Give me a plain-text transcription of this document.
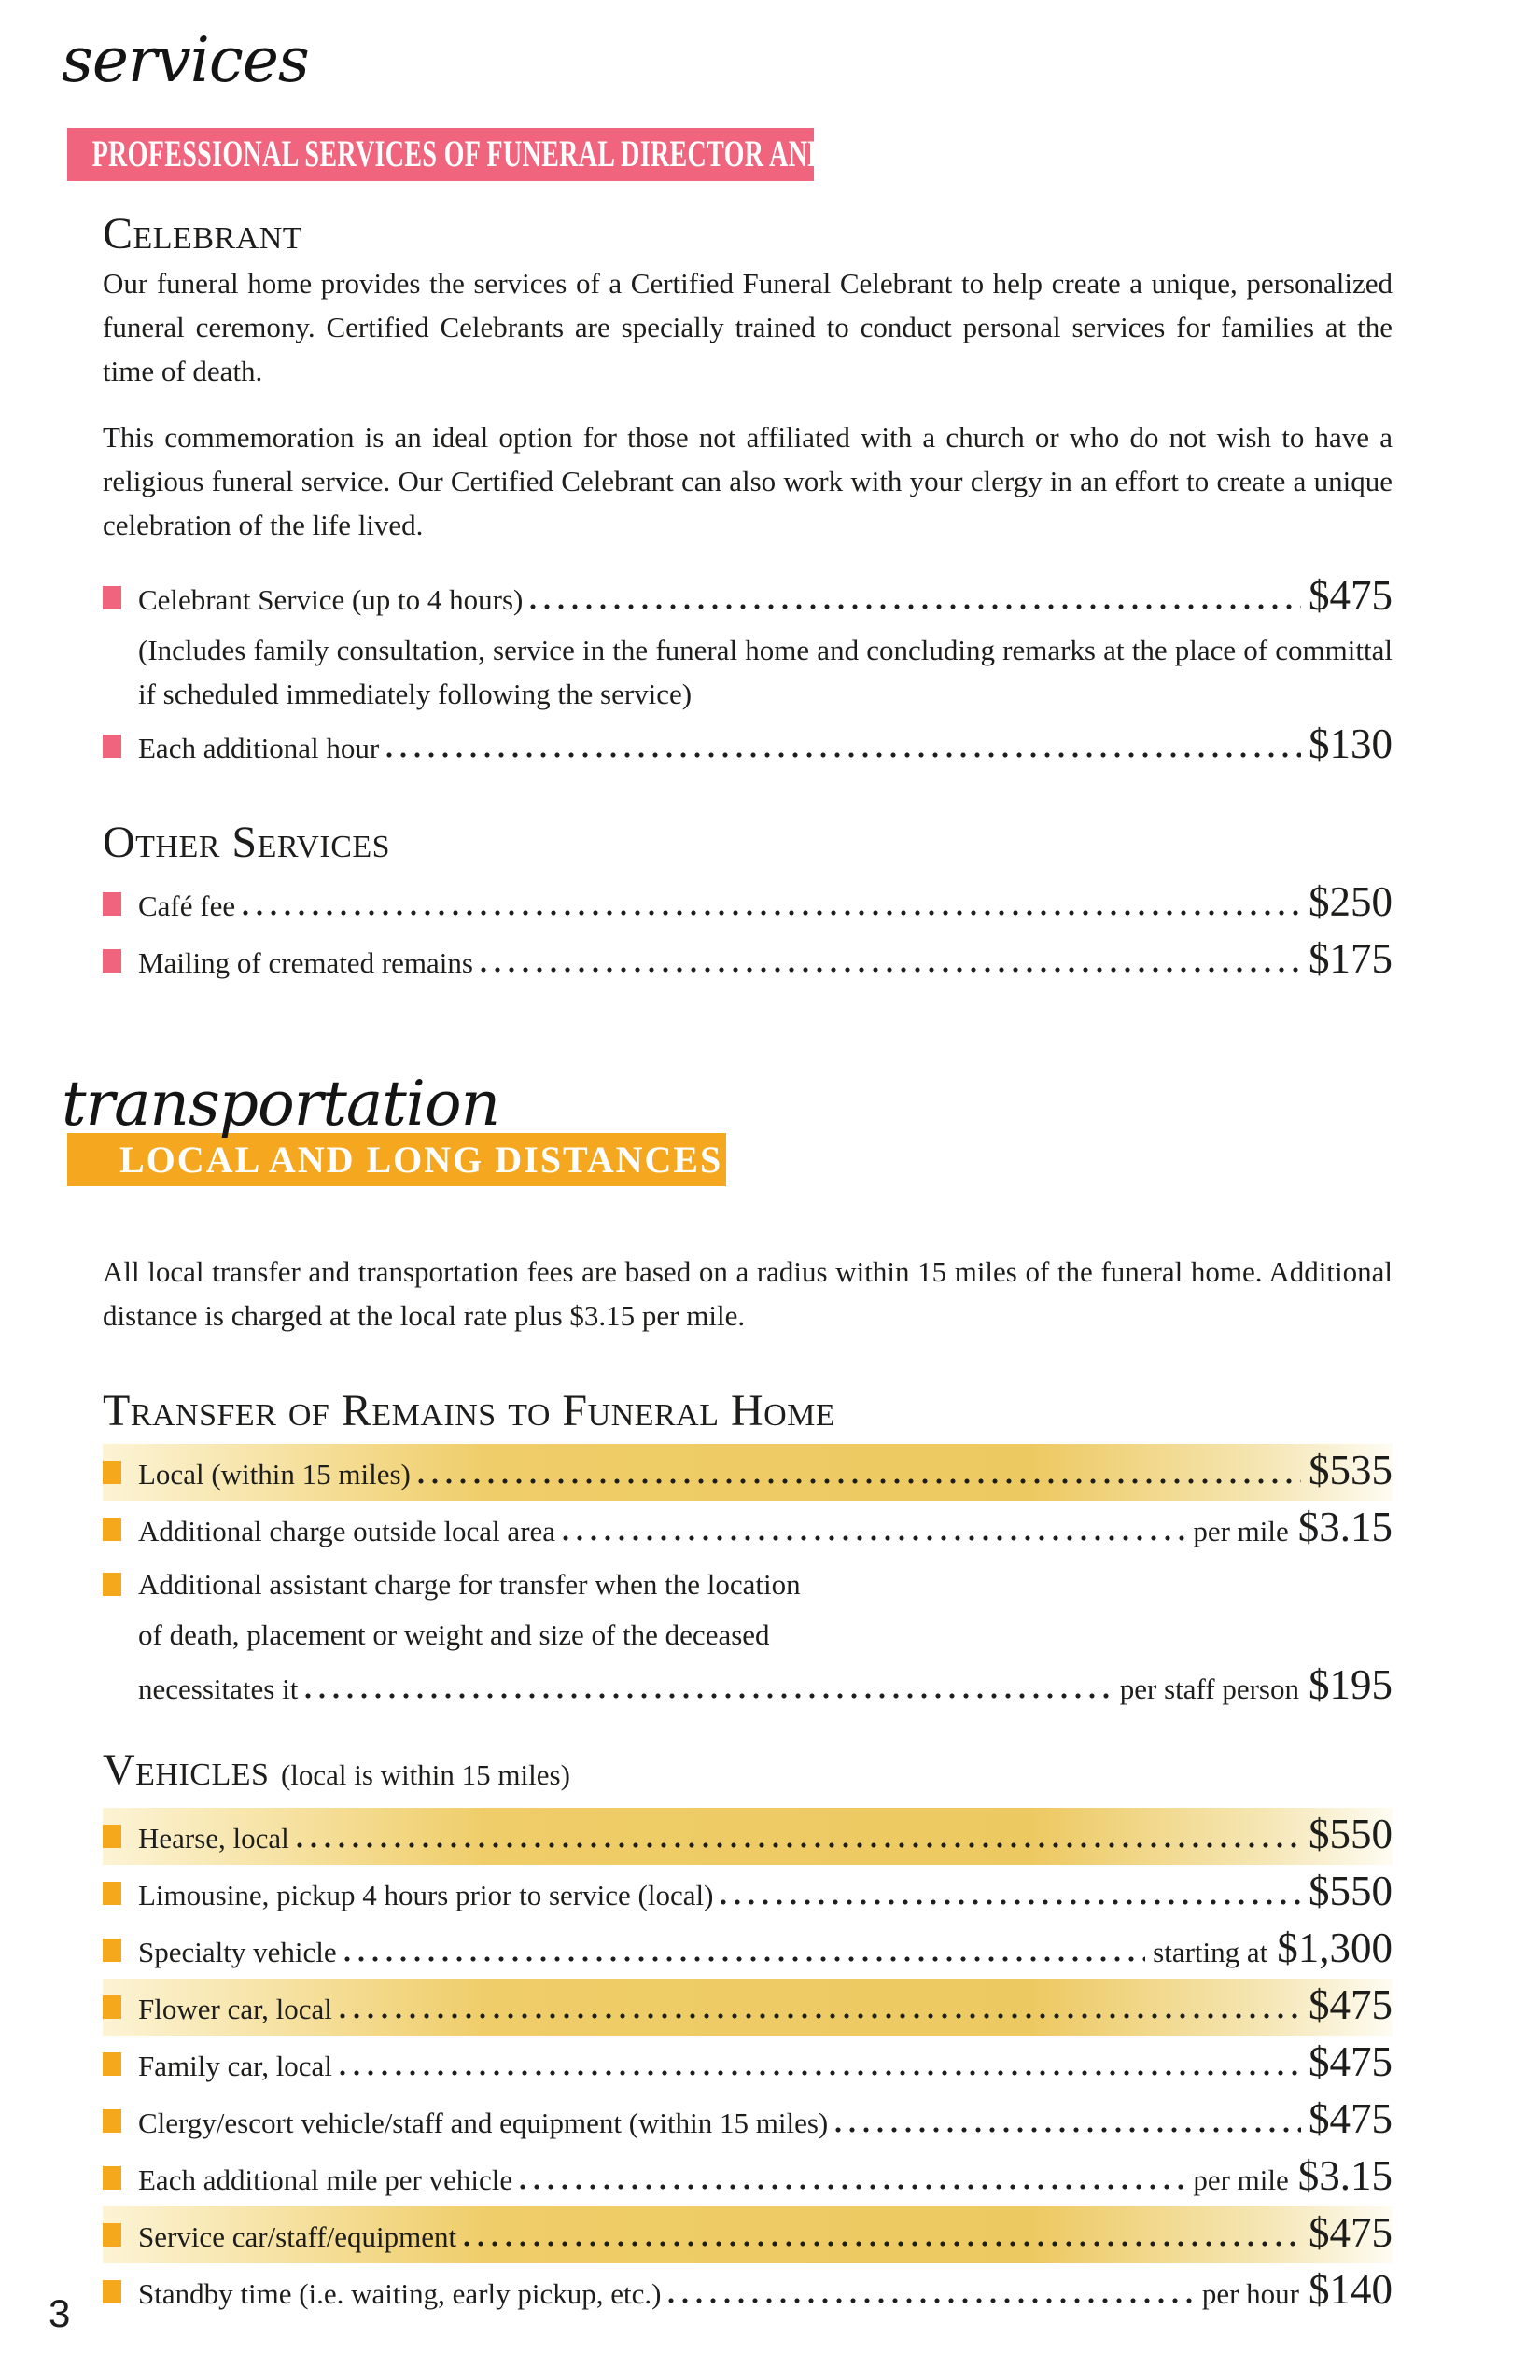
services
PROFESSIONAL SERVICES OF FUNERAL DIRECTOR AND STAFF
Celebrant

Our funeral home provides the services of a Certified Funeral Celebrant to help create a unique, personalized funeral ceremony. Certified Celebrants are specially trained to conduct personal services for families at the time of death.

This commemoration is an ideal option for those not affiliated with a church or who do not wish to have a religious funeral service. Our Certified Celebrant can also work with your clergy in an effort to create a unique celebration of the life lived.

Celebrant Service (up to 4 hours)	$475

(Includes family consultation, service in the funeral home and concluding remarks at the place of committal if scheduled immediately following the service)

Each additional hour	$130
Other Services
Café fee	$250
Mailing of cremated remains	$175
transportation
LOCAL AND LONG DISTANCES

All local transfer and transportation fees are based on a radius within 15 miles of the funeral home. Additional distance is charged at the local rate plus $3.15 per mile.

Transfer of Remains to Funeral Home
Local (within 15 miles)	$535
Additional charge outside local area	per mile $3.15
Additional assistant charge for transfer when the location
of death, placement or weight and size of the deceased
necessitates it	per staff person $195
Vehicles (local is within 15 miles)
Hearse, local	$550
Limousine, pickup 4 hours prior to service (local)	$550
Specialty vehicle	starting at $1,300
Flower car, local	$475
Family car, local	$475
Clergy/escort vehicle/staff and equipment (within 15 miles)	$475
Each additional mile per vehicle	per mile $3.15
Service car/staff/equipment	$475
Standby time (i.e. waiting, early pickup, etc.)	per hour $140
3
